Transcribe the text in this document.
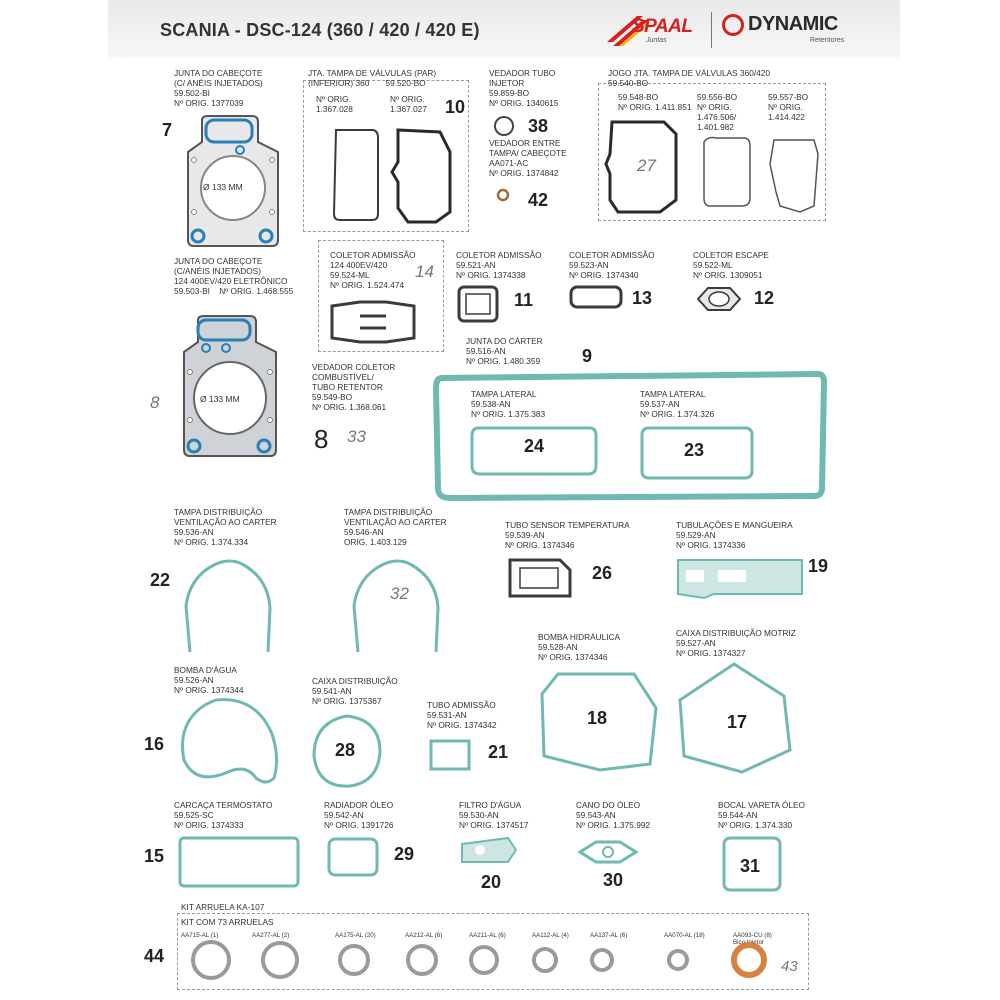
SCANIA - DSC-124 (360 / 420 / 420 E)	SPAAL
Juntas
DYNAMIC
Retentores
JUNTA DO CABEÇOTE
(C/ ANÉIS INJETADOS)
59.502-BI
Nº ORIG. 1377039
7
Ø 133 MM
JTA. TAMPA DE VÁLVULAS (PAR)
(INFERIOR) 360       59.520-BO
Nº ORIG.
1.367.028
Nº ORIG.
1.367.027 10
VEDADOR TUBO
INJETOR
59.859-BO
Nº ORIG. 1340615
38
VEDADOR ENTRE
TAMPA/ CABEÇOTE
AA071-AC
Nº ORIG. 1374842
42
JOGO JTA. TAMPA DE VÁLVULAS 360/420
59.540-BO
59.548-BO
Nº ORIG. 1.411.851
59.556-BO
Nº ORIG.
1.476.506/
1.401.982
59.557-BO
Nº ORIG.
1.414.422
27
JUNTA DO CABEÇOTE
(C/ANÉIS INJETADOS)
124 400EV/420 ELETRÔNICO
59.503-BI    Nº ORIG. 1.468.555
Ø 133 MM
8
COLETOR ADMISSÃO
124 400EV/420
59.524-ML
Nº ORIG. 1.524.474
14
COLETOR ADMISSÃO
59.521-AN
Nº ORIG. 1374338
11
COLETOR ADMISSÃO
59.523-AN
Nº ORIG. 1374340
13
COLETOR ESCAPE
59.522-ML
Nº ORIG. 1309051
12
JUNTA DO CÁRTER
59.516-AN
Nº ORIG. 1.480.359 9
VEDADOR COLETOR
COMBUSTÍVEL/
TUBO RETENTOR
59.549-BO
Nº ORIG. 1.368.061
8 33
TAMPA LATERAL
59.538-AN
Nº ORIG. 1.375.383
24
TAMPA LATERAL
59.537-AN
Nº ORIG. 1.374.326
23
TAMPA DISTRIBUIÇÃO
VENTILAÇÃO AO CARTER
59.536-AN
Nº ORIG. 1.374.334
22
TAMPA DISTRIBUIÇÃO
VENTILAÇÃO AO CARTER
59.546-AN
ORIG. 1.403.129
32
TUBO SENSOR TEMPERATURA
59.539-AN
Nº ORIG. 1374346
26
TUBULAÇÕES E MANGUEIRA
59.529-AN
Nº ORIG. 1374336
19
BOMBA HIDRÁULICA
59.528-AN
Nº ORIG. 1374346
18
CAIXA DISTRIBUIÇÃO MOTRIZ
59.527-AN
Nº ORIG. 1374327
17
BOMBA D'ÁGUA
59.526-AN
Nº ORIG. 1374344
16
CAIXA DISTRIBUIÇÃO
59.541-AN
Nº ORIG. 1375367
28
TUBO ADMISSÃO
59.531-AN
Nº ORIG. 1374342
21
CARCAÇA TERMOSTATO
59.525-SC
Nº ORIG. 1374333
15
RADIADOR ÓLEO
59.542-AN
Nº ORIG. 1391726
29
FILTRO D'ÁGUA
59.530-AN
Nº ORIG. 1374517
20
CANO DO ÓLEO
59.543-AN
Nº ORIG. 1.375.992
30
BOCAL VARETA ÓLEO
59.544-AN
Nº ORIG. 1.374.330
31
KIT ARRUELA KA-107
KIT COM 73 ARRUELAS
44
43
AA715-AL (1)	AA277-AL (2)	AA175-AL (20)	AA212-AL (6)	AA211-AL (6)	AA112-AL (4)	AA137-AL (6)	AA070-AL (18)	AA093-CU (8)
Bico Injetor
